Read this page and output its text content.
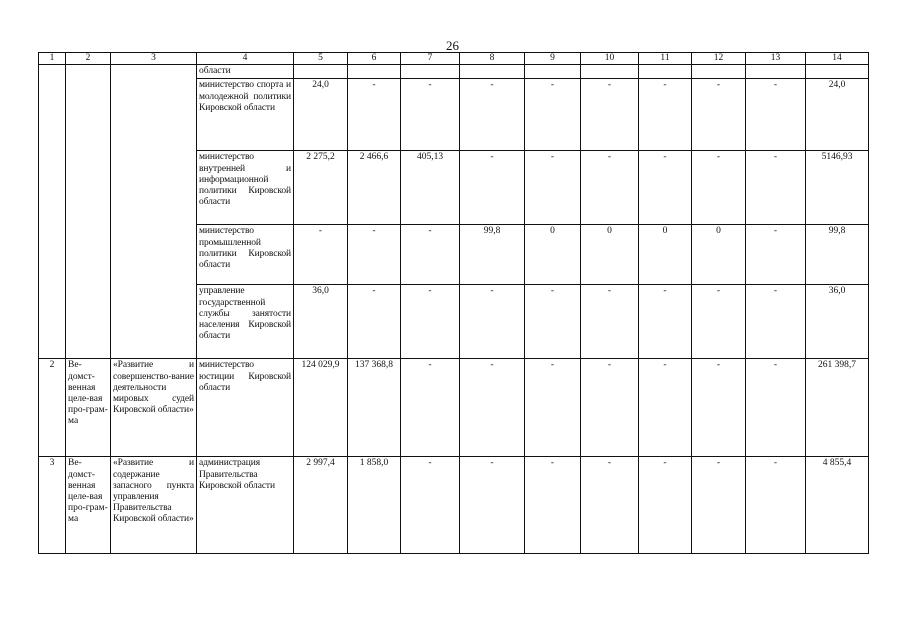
26
1	2	3	4	5	6	7	8	9	10	11	12	13	14
			области										
			министерство спорта и молодежной политики Кировской области	24,0	-	-	-	-	-	-	-	-	24,0
			министерство внутренней и информационной политики Кировской области	2 275,2	2 466,6	405,13	-	-	-	-	-	-	5146,93
			министерство промышленной политики Кировской области	-	-	-	99,8	0	0	0	0	-	99,8
			управление государственной службы занятости населения Кировской области	36,0	-	-	-	-	-	-	-	-	36,0
2	Ве-домст-венная целе-вая про-грам-ма	«Развитие и совершенство-вание деятельности мировых судей Кировской области»	министерство юстиции Кировской области	124 029,9	137 368,8	-	-	-	-	-	-	-	261 398,7
3	Ве-домст-венная целе-вая про-грам-ма	«Развитие и содержание запасного пункта управления Правительства Кировской области»	администрация Правительства Кировской области	2 997,4	1 858,0	-	-	-	-	-	-	-	4 855,4
